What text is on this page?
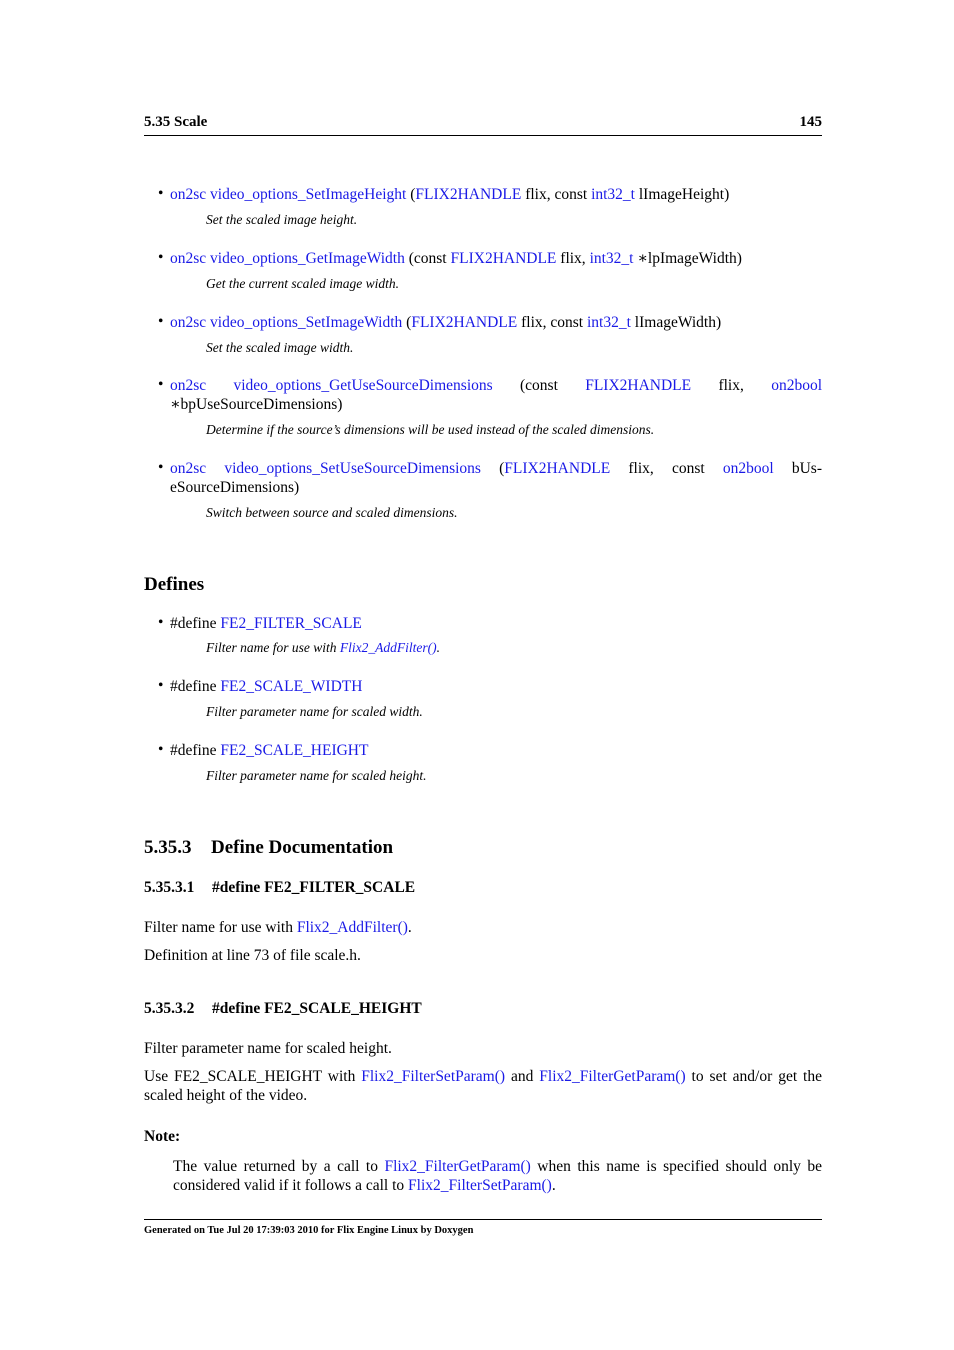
5.35 Scale	145
• on2sc video_options_SetImageHeight (FLIX2HANDLE flix, const int32_t lImageHeight)
Set the scaled image height.
• on2sc video_options_GetImageWidth (const FLIX2HANDLE flix, int32_t ∗lpImageWidth)
Get the current scaled image width.
• on2sc video_options_SetImageWidth (FLIX2HANDLE flix, const int32_t lImageWidth)
Set the scaled image width.
• on2sc video_options_GetUseSourceDimensions (const FLIX2HANDLE flix, on2bool ∗bpUseSourceDimensions)
Determine if the source’s dimensions will be used instead of the scaled dimensions.
• on2sc video_options_SetUseSourceDimensions (FLIX2HANDLE flix, const on2bool bUs- eSourceDimensions)
Switch between source and scaled dimensions.
Defines
• #define FE2_FILTER_SCALE
Filter name for use with Flix2_AddFilter().
• #define FE2_SCALE_WIDTH
Filter parameter name for scaled width.
• #define FE2_SCALE_HEIGHT
Filter parameter name for scaled height.
5.35.3 Define Documentation
5.35.3.1 #define FE2_FILTER_SCALE
Filter name for use with Flix2_AddFilter().
Definition at line 73 of file scale.h.
5.35.3.2 #define FE2_SCALE_HEIGHT
Filter parameter name for scaled height.
Use FE2_SCALE_HEIGHT with Flix2_FilterSetParam() and Flix2_FilterGetParam() to set and/or get the scaled height of the video.
Note:
The value returned by a call to Flix2_FilterGetParam() when this name is specified should only be considered valid if it follows a call to Flix2_FilterSetParam().
Generated on Tue Jul 20 17:39:03 2010 for Flix Engine Linux by Doxygen
